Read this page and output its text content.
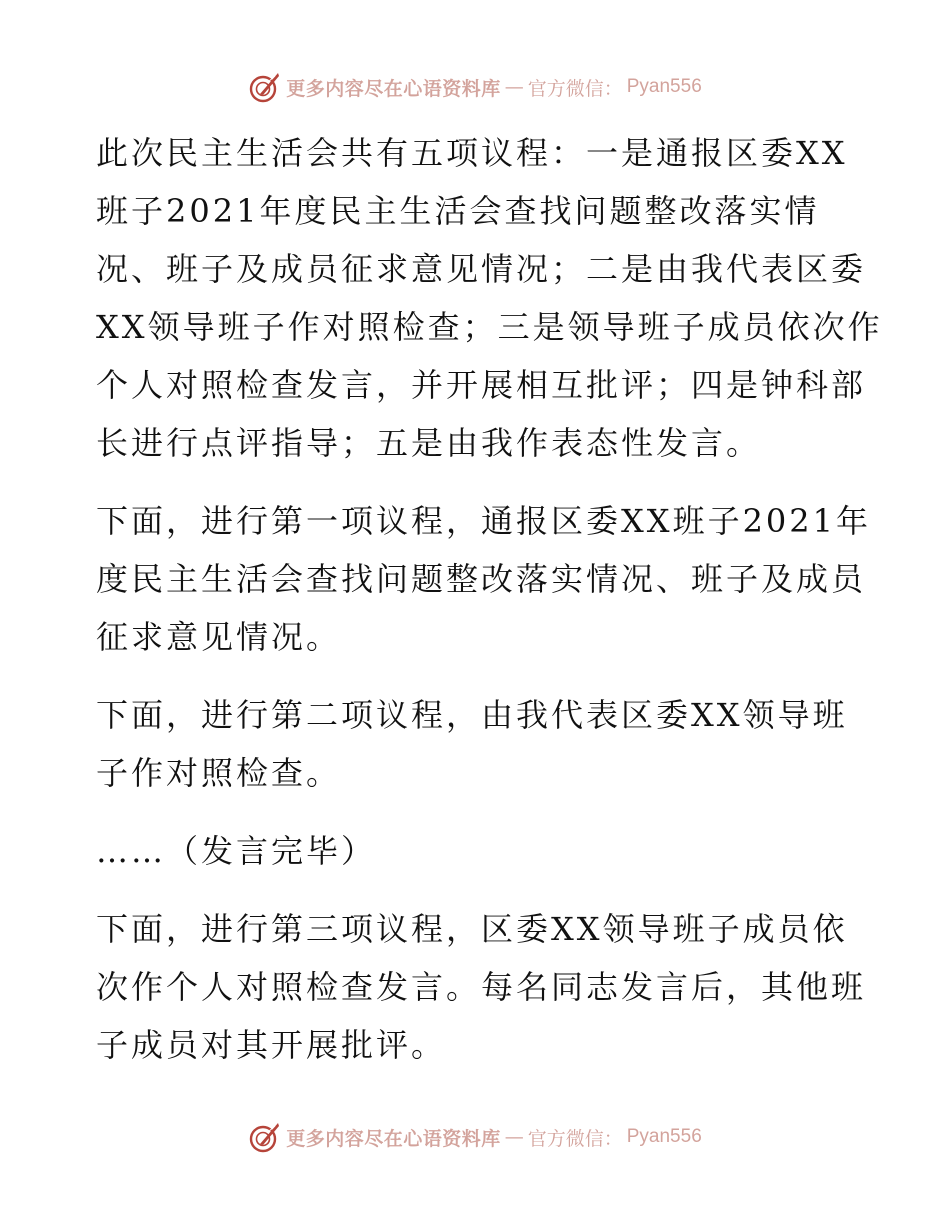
更多内容尽在心语资料库 — 官方微信： Pyan556
此次民主生活会共有五项议程：一是通报区委XX
班子2021年度民主生活会查找问题整改落实情
况、班子及成员征求意见情况；二是由我代表区委
XX领导班子作对照检查；三是领导班子成员依次作
个人对照检查发言，并开展相互批评；四是钟科部
长进行点评指导；五是由我作表态性发言。
下面，进行第一项议程，通报区委XX班子2021年
度民主生活会查找问题整改落实情况、班子及成员
征求意见情况。
下面，进行第二项议程，由我代表区委XX领导班
子作对照检查。
……（发言完毕）
下面，进行第三项议程，区委XX领导班子成员依
次作个人对照检查发言。每名同志发言后，其他班
子成员对其开展批评。
更多内容尽在心语资料库 — 官方微信： Pyan556
